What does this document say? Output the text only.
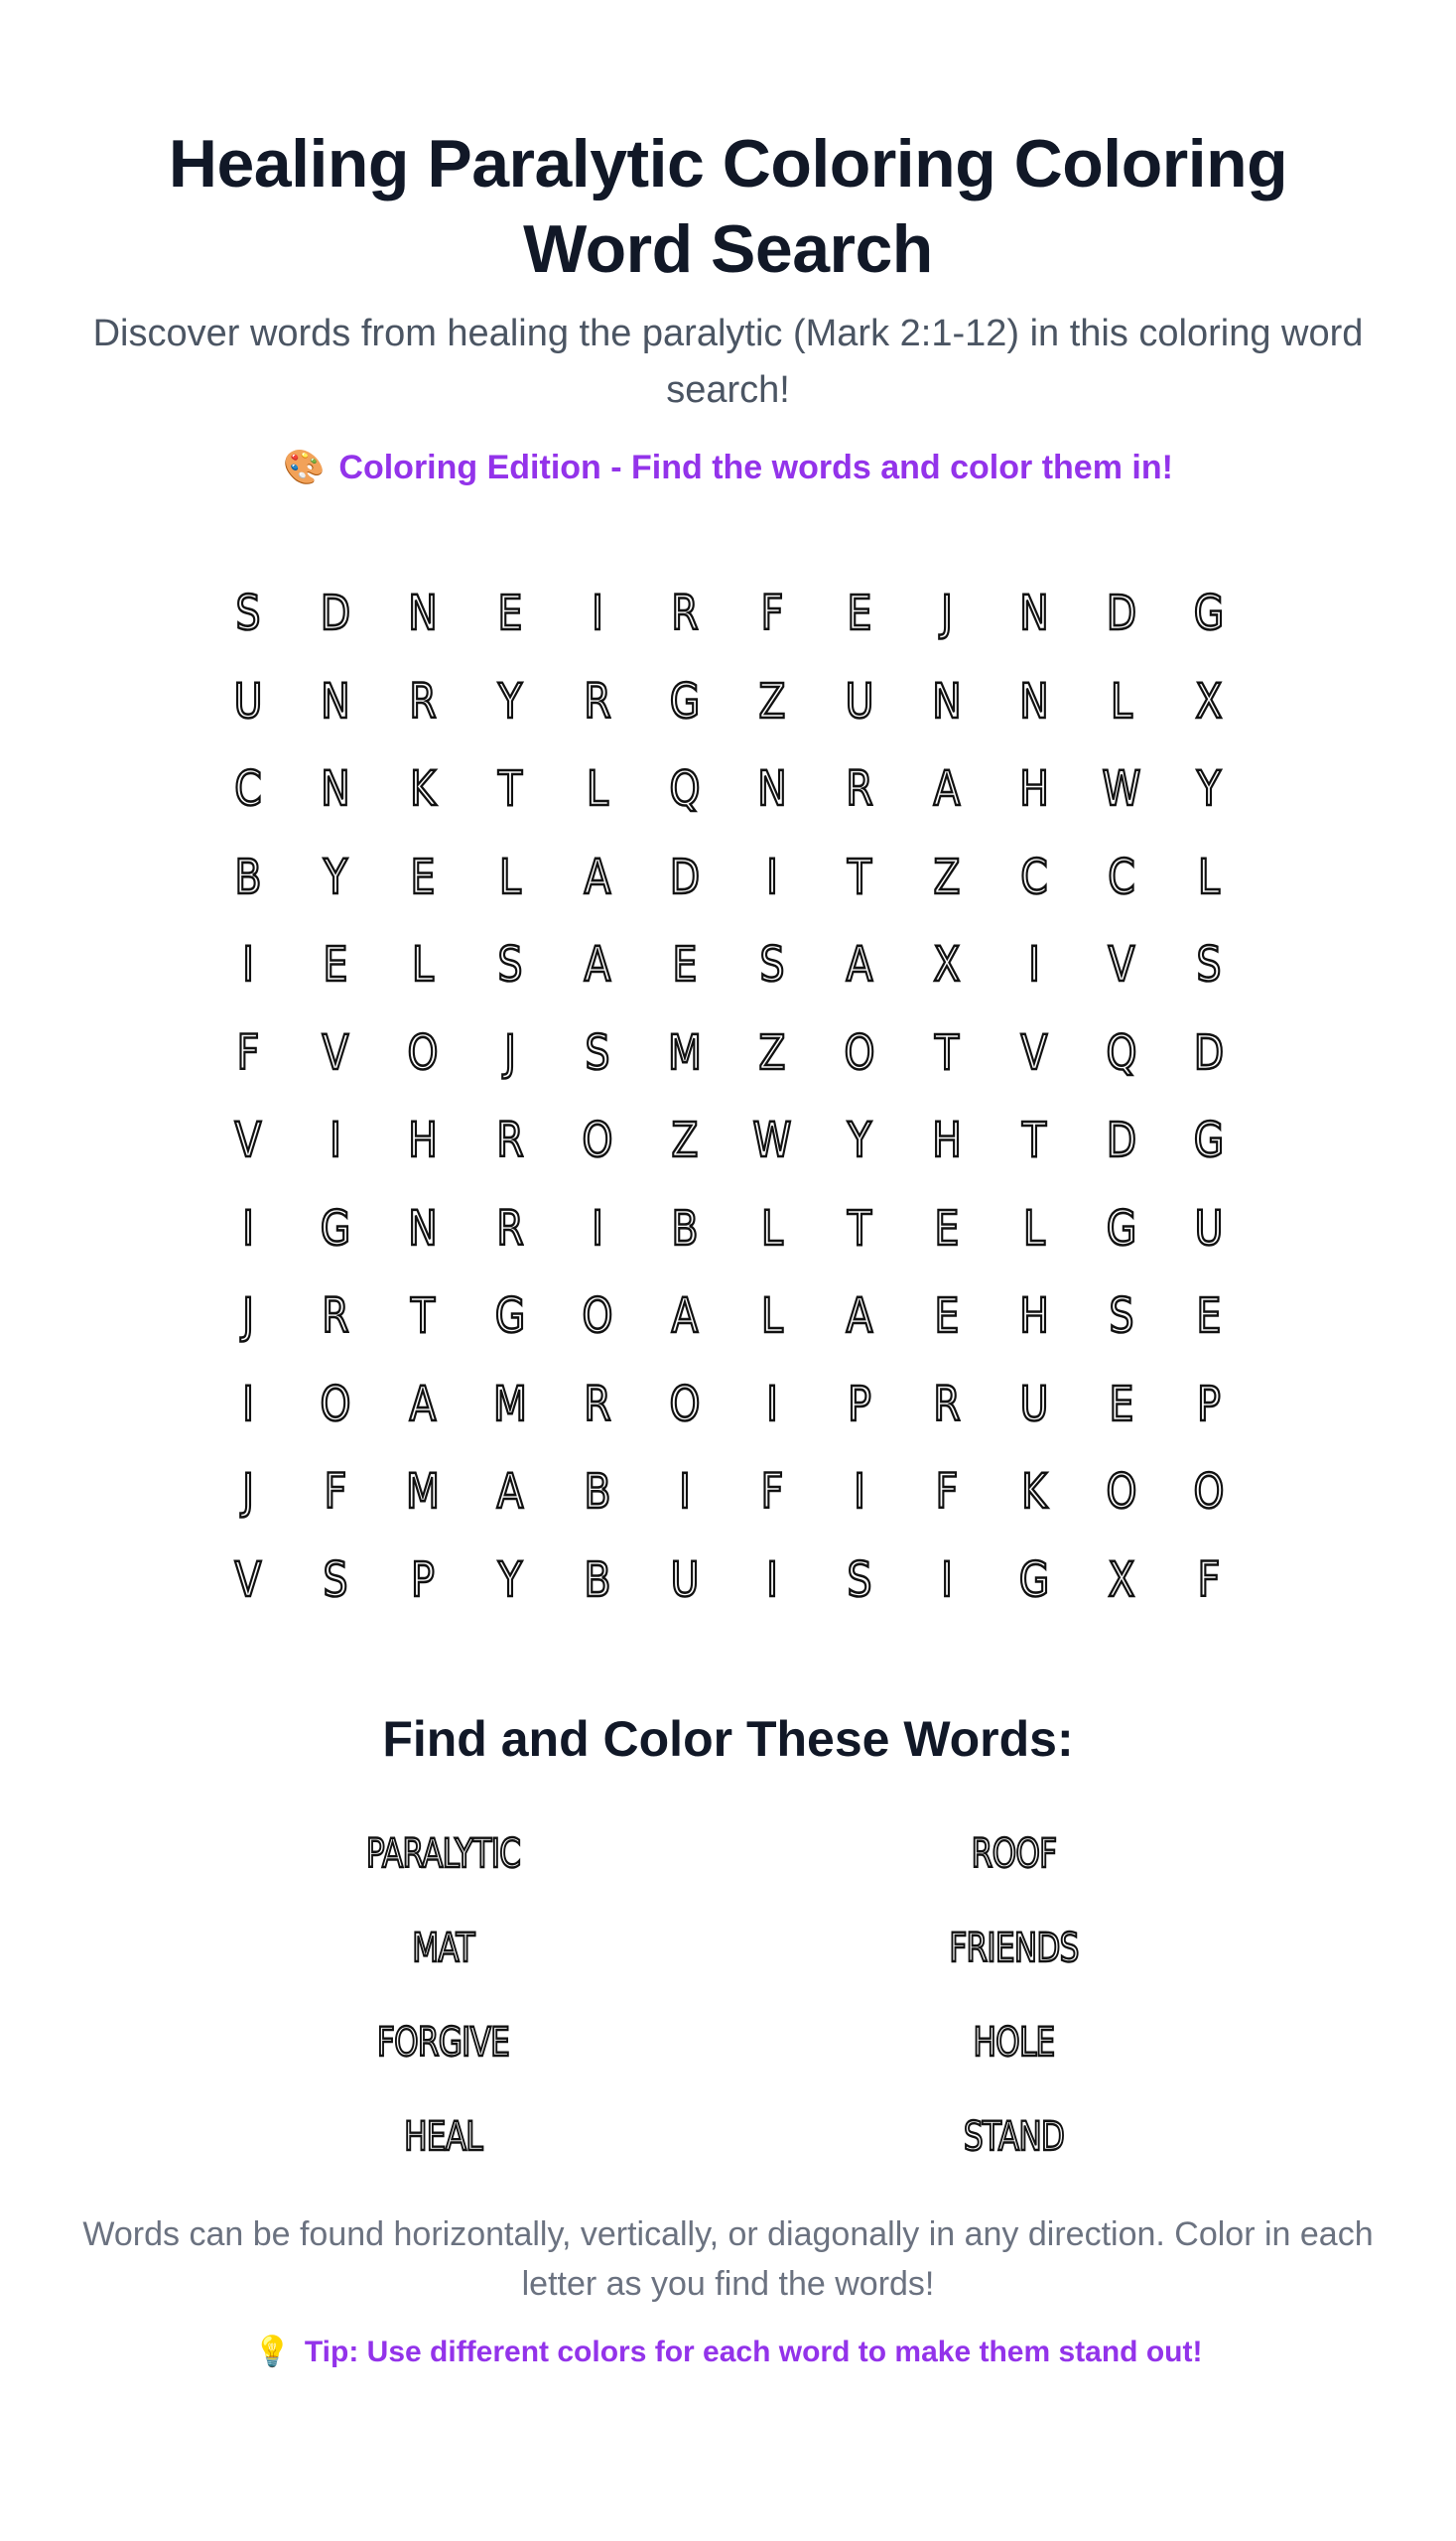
Healing Paralytic Coloring Coloring Word Search
Discover words from healing the paralytic (Mark 2:1-12) in this coloring word search!
🎨 Coloring Edition - Find the words and color them in!
S	D	N	E	I	R	F	E	J	N	D	G
U	N	R	Y	R	G	Z	U	N	N	L	X
C	N	K	T	L	Q	N	R	A	H	W	Y
B	Y	E	L	A	D	I	T	Z	C	C	L
I	E	L	S	A	E	S	A	X	I	V	S
F	V	O	J	S	M	Z	O	T	V	Q	D
V	I	H	R	O	Z	W	Y	H	T	D	G
I	G	N	R	I	B	L	T	E	L	G	U
J	R	T	G	O	A	L	A	E	H	S	E
I	O	A	M	R	O	I	P	R	U	E	P
J	F	M	A	B	I	F	I	F	K	O	O
V	S	P	Y	B	U	I	S	I	G	X	F
Find and Color These Words:
PARALYTIC	ROOF
MAT	FRIENDS
FORGIVE	HOLE
HEAL	STAND
Words can be found horizontally, vertically, or diagonally in any direction. Color in each letter as you find the words!
💡 Tip: Use different colors for each word to make them stand out!
